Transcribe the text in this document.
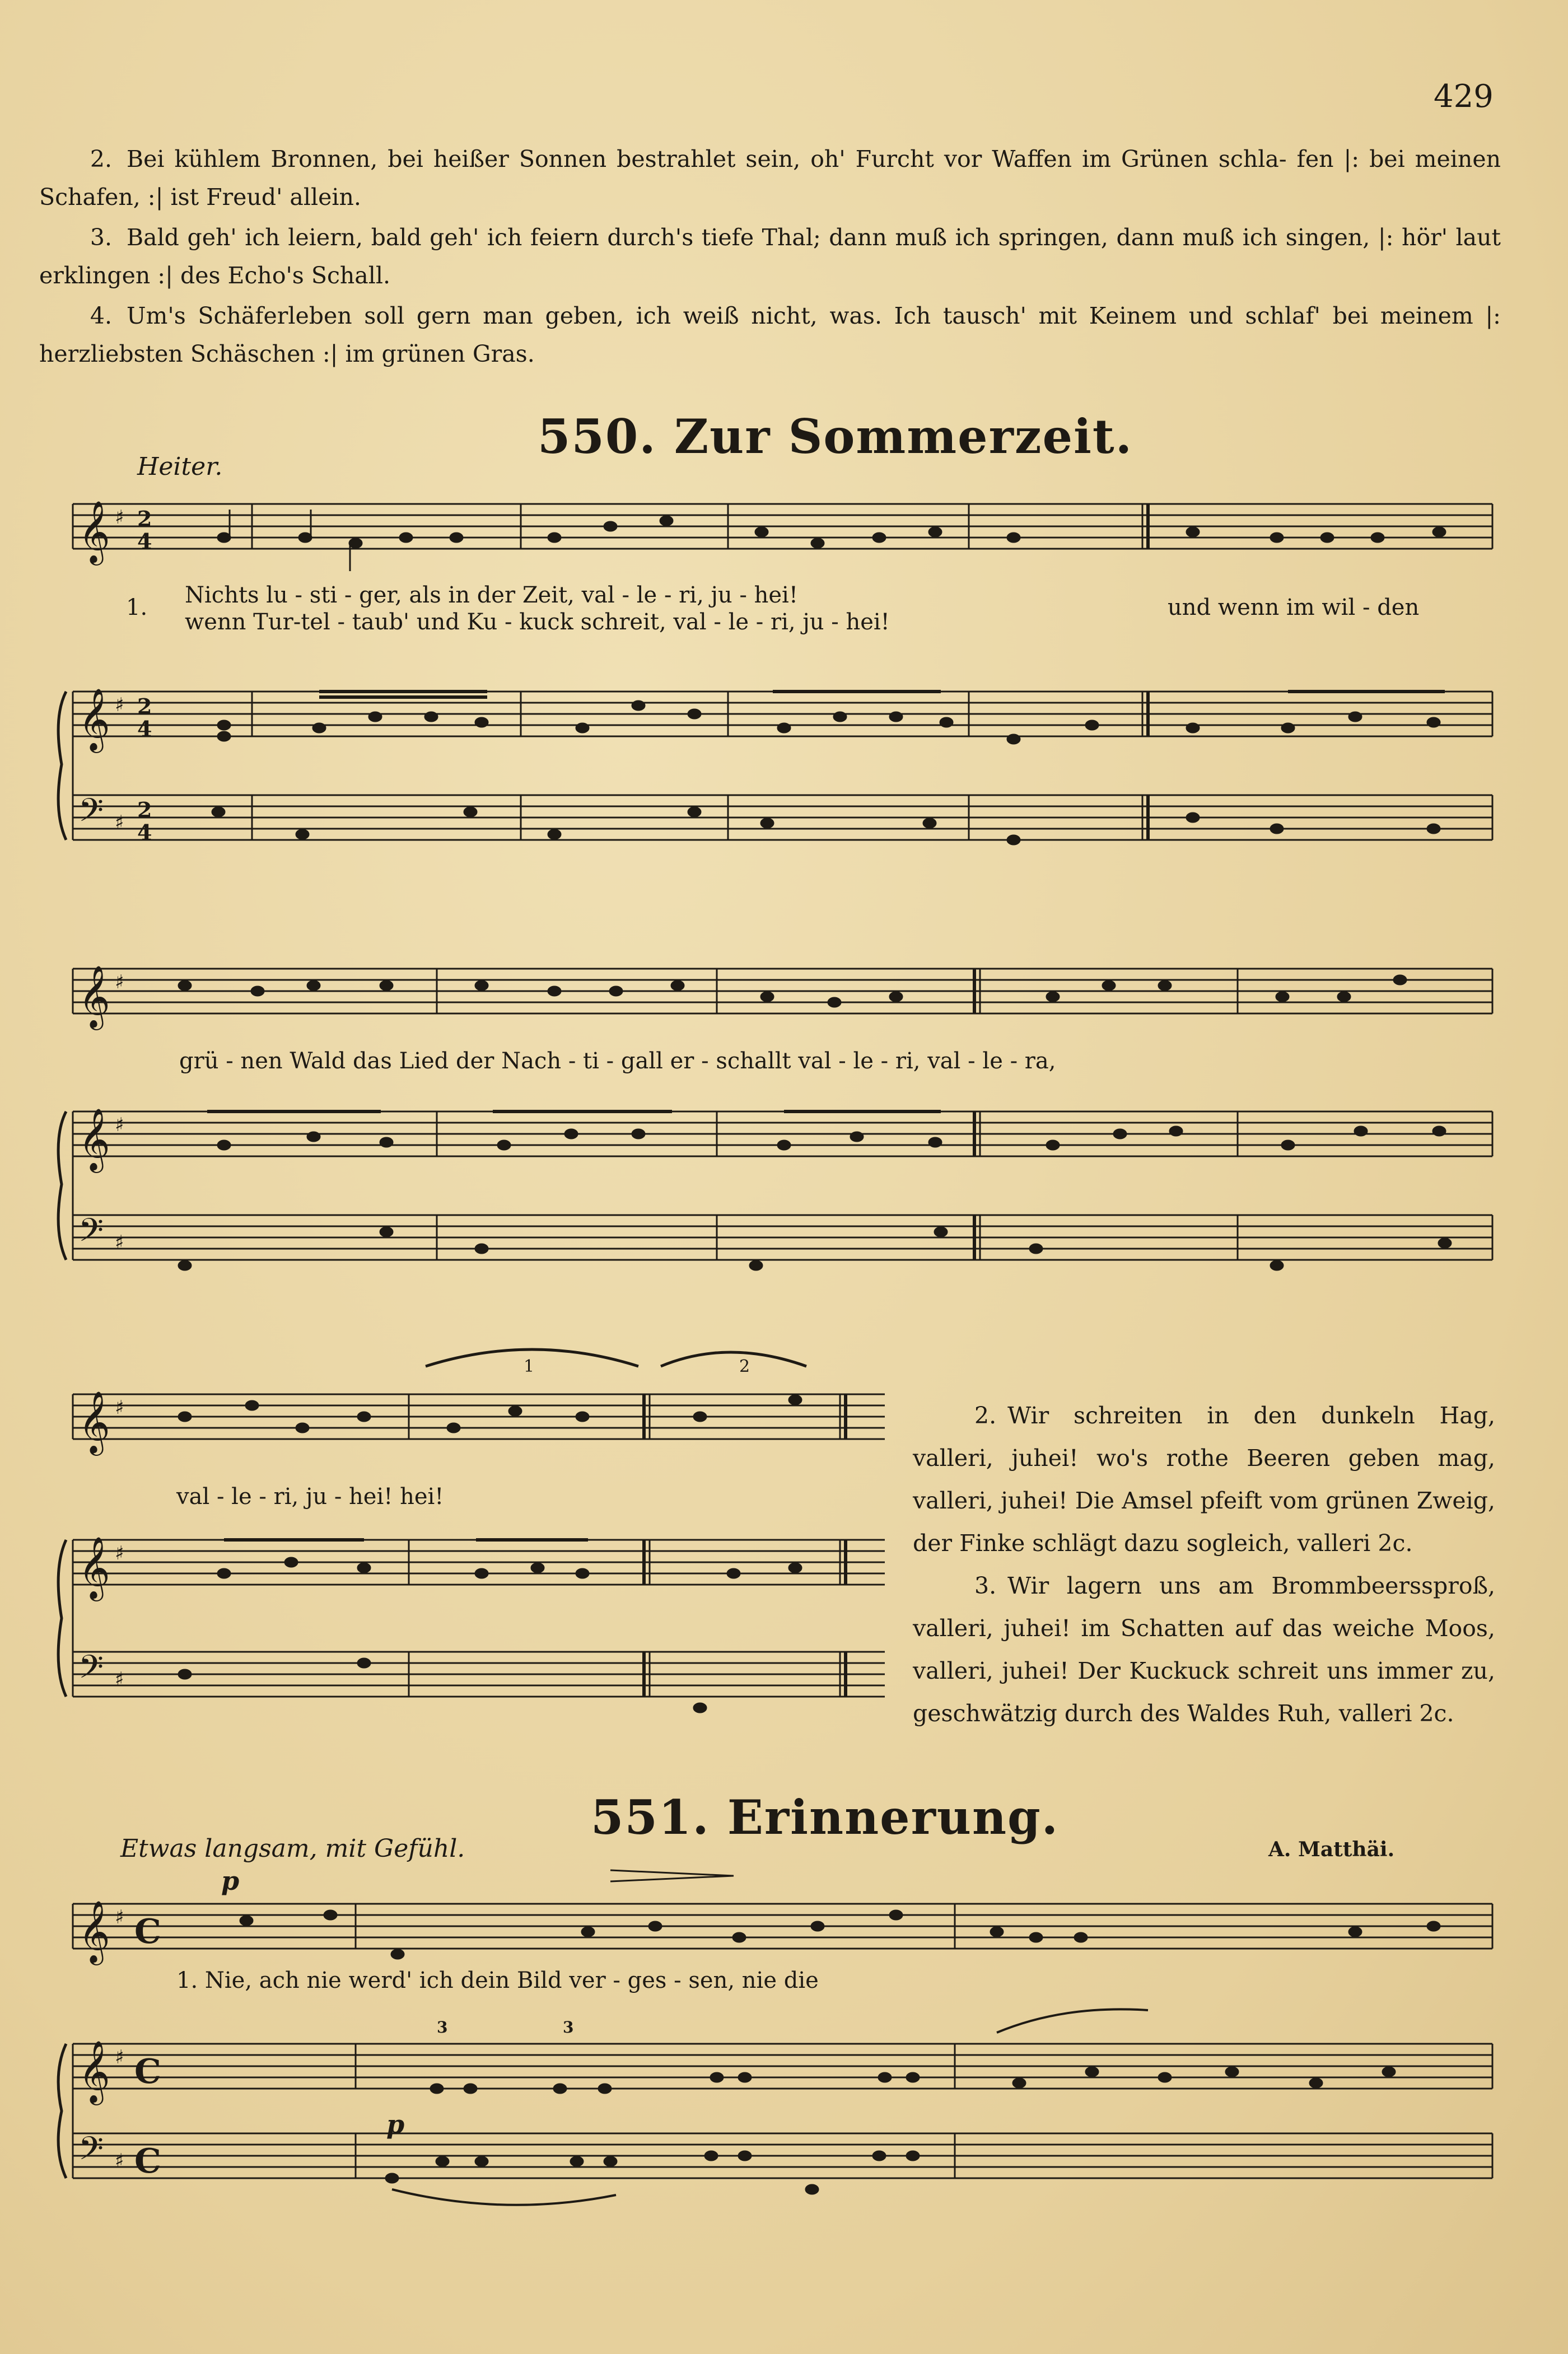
429
2. Bei kühlem Bronnen, bei heißer Sonnen bestrahlet sein, oh' Furcht vor Waffen im Grünen schla- fen |: bei meinen Schafen, :| ist Freud' allein.
3. Bald geh' ich leiern, bald geh' ich feiern durch's tiefe Thal; dann muß ich springen, dann muß ich singen, |: hör' laut erklingen :| des Echo's Schall.
4. Um's Schäferleben soll gern man geben, ich weiß nicht, was. Ich tausch' mit Keinem und schlaf' bei meinem |: herzliebsten Schäschen :| im grünen Gras.
550. Zur Sommerzeit.
Heiter.
𝄞
𝄞
𝄢
♯
♯
♯
2
4
2
4
2
4
Nichts lu - sti - ger, als in der Zeit, val - le - ri, ju - hei!
wenn Tur-tel - taub' und Ku - kuck schreit, val - le - ri, ju - hei!
1.	und wenn im wil - den
𝄞
𝄞
𝄢
♯
♯
♯
grü - nen Wald das Lied der Nach - ti - gall er - schallt val - le - ri, val - le - ra,
𝄞
𝄞
𝄢
♯
♯
♯
1	2
val - le - ri, ju - hei! hei!
2. Wir schreiten in den dunkeln Hag, valleri, juhei! wo's rothe Beeren geben mag, valleri, juhei! Die Amsel pfeift vom grünen Zweig, der Finke schlägt dazu sogleich, valleri 2c.
3. Wir lagern uns am Brommbeerssproß, valleri, juhei! im Schatten auf das weiche Moos, valleri, juhei! Der Kuckuck schreit uns immer zu, geschwätzig durch des Waldes Ruh, valleri 2c.
551. Erinnerung.
Etwas langsam, mit Gefühl.	A. Matthäi.
𝄞
𝄞
𝄢
♯
♯
♯
C
C
C
p
p
3	3
1. Nie, ach nie werd' ich dein Bild ver - ges - sen, nie die
